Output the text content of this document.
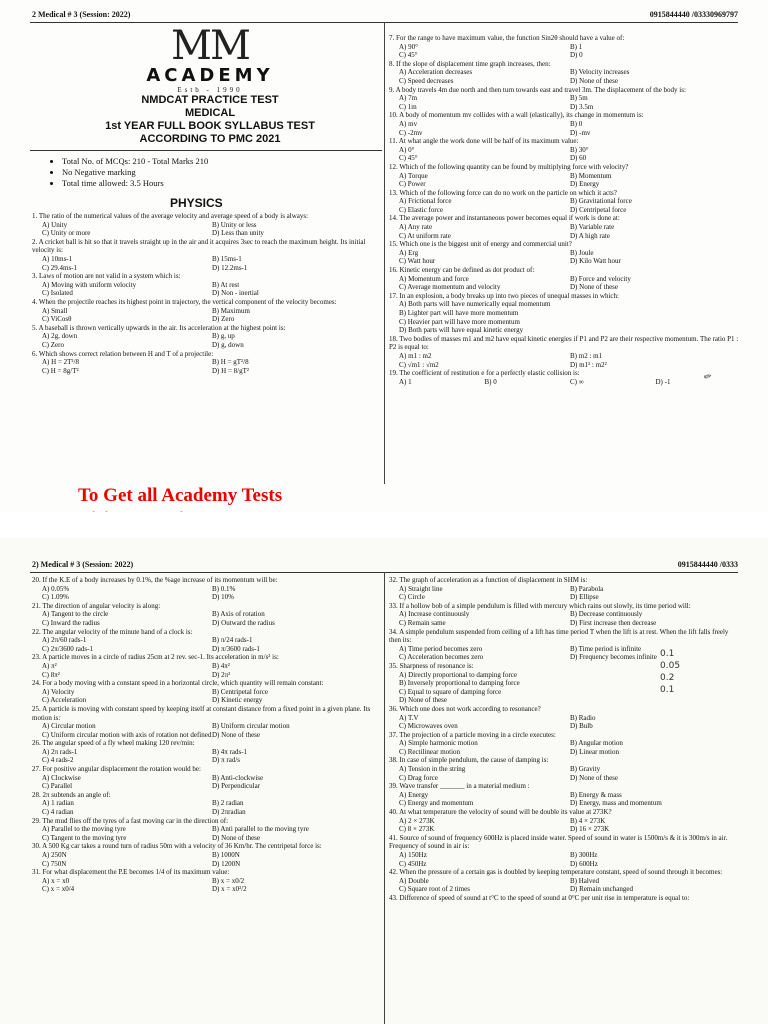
2 Medical # 3 (Session: 2022)	0915844440 /03330969797
MM
ACADEMY
Estb - 1990
NMDCAT PRACTICE TEST
MEDICAL
1st YEAR FULL BOOK SYLLABUS TEST
ACCORDING TO PMC 2021
• Total No. of MCQs: 210 - Total Marks 210
• No Negative marking
• Total time allowed: 3.5 Hours
PHYSICS
1. The ratio of the numerical values of the average velocity and average speed of a body is always:
A) Unity	B) Unity or less
C) Unity or more	D) Less than unity
2. A cricket ball is hit so that it travels straight up in the air and it acquires 3sec to reach the maximum height. Its initial velocity is:
A) 10ms-1	B) 15ms-1
C) 29.4ms-1	D) 12.2ms-1
3. Laws of motion are not valid in a system which is:
A) Moving with uniform velocity	B) At rest
C) Isolated	D) Non - inertial
4. When the projectile reaches its highest point in trajectory, the vertical component of the velocity becomes:
A) Small	B) Maximum
C) ViCosθ	D) Zero
5. A baseball is thrown vertically upwards in the air. Its acceleration at the highest point is:
A) 2g, down	B) g, up
C) Zero	D) g, down
6. Which shows correct relation between H and T of a projectile:
A) H = 2T²/8	B) H = gT²/8
C) H = 8g/T²	D) H = 8/gT²
7. For the range to have maximum value, the function Sin2θ should have a value of:
A) 90°	B) 1
C) 45°	D) 0
8. If the slope of displacement time graph increases, then:
A) Acceleration decreases	B) Velocity increases
C) Speed decreases	D) None of these
9. A body travels 4m due north and then turn towards east and travel 3m. The displacement of the body is:
A) 7m	B) 5m
C) 1m	D) 3.5m
10. A body of momentum mv collides with a wall (elastically), its change in momentum is:
A) mv	B) 0
C) -2mv	D) -mv
11. At what angle the work done will be half of its maximum value:
A) 0°	B) 30°
C) 45°	D) 60
12. Which of the following quantity can be found by multiplying force with velocity?
A) Torque	B) Momentum
C) Power	D) Energy
13. Which of the following force can do no work on the particle on which it acts?
A) Frictional force	B) Gravitational force
C) Elastic force	D) Centripetal force
14. The average power and instantaneous power becomes equal if work is done at:
A) Any rate	B) Variable rate
C) At uniform rate	D) A high rate
15. Which one is the biggest unit of energy and commercial unit?
A) Erg	B) Joule
C) Watt hour	D) Kilo Watt hour
16. Kinetic energy can be defined as dot product of:
A) Momentum and force	B) Force and velocity
C) Average momentum and velocity	D) None of these
17. In an explosion, a body breaks up into two pieces of unequal masses in which:
A) Both parts will have numerically equal momentum
B) Lighter part will have more momentum
C) Heavier part will have more momentum
D) Both parts will have equal kinetic energy
18. Two bodies of masses m1 and m2 have equal kinetic energies if P1 and P2 are their respective momentum. The ratio P1 : P2 is equal to:
A) m1 : m2	B) m2 : m1
C) √m1 : √m2	D) m1² : m2²
19. The coefficient of restitution e for a perfectly elastic collision is:
A) 1	B) 0	C) ∞	D) -1	✎
To Get all Academy Tests
2) Medical # 3 (Session: 2022)	0915844440 /0333
20. If the K.E of a body increases by 0.1%, the %age increase of its momentum will be:
A) 0.05%	B) 0.1%
C) 1.09%	D) 10%
21. The direction of angular velocity is along:
A) Tangent to the circle	B) Axis of rotation
C) Inward the radius	D) Outward the radius
22. The angular velocity of the minute hand of a clock is:
A) 2π/60 rads-1	B) π/24 rads-1
C) 2π/3600 rads-1	D) π/3600 rads-1
23. A particle moves in a circle of radius 25cm at 2 rev. sec-1. Its acceleration in m/s² is:
A) π²	B) 4π²
C) 8π²	D) 2π²
24. For a body moving with a constant speed in a horizontal circle, which quantity will remain constant:
A) Velocity	B) Centripetal force
C) Acceleration	D) Kinetic energy
25. A particle is moving with constant speed by keeping itself at constant distance from a fixed point in a given plane. Its motion is:
A) Circular motion	B) Uniform circular motion
C) Uniform circular motion with axis of rotation not defined D) None of these
26. The angular speed of a fly wheel making 120 rev/min:
A) 2π rads-1	B) 4π rads-1
C) 4 rads-2	D) π rad/s
27. For positive angular displacement the rotation would be:
A) Clockwise	B) Anti-clockwise
C) Parallel	D) Perpendicular
28. 2π subtends an angle of:
A) 1 radian	B) 2 radian
C) 4 radian	D) 2πradian
29. The mud flies off the tyres of a fast moving car in the direction of:
A) Parallel to the moving tyre	B) Anti parallel to the moving tyre
C) Tangent to the moving tyre	D) None of these
30. A 500 Kg car takes a round turn of radius 50m with a velocity of 36 Km/hr. The centripetal force is:
A) 250N	B) 1000N
C) 750N	D) 1200N
31. For what displacement the P.E becomes 1/4 of its maximum value:
A) x = x0	B) x = x0/2
C) x = x0/4	D) x = x0²/2
32. The graph of acceleration as a function of displacement in SHM is:
A) Straight line	B) Parabola
C) Circle	D) Ellipse
33. If a hollow bob of a simple pendulum is filled with mercury which rains out slowly, its time period will:
A) Increase continuously	B) Decrease continuously
C) Remain same	D) First increase then decrease
34. A simple pendulum suspended from ceiling of a lift has time period T when the lift is at rest. When the lift falls freely then its:
A) Time period becomes zero	B) Time period is infinite
C) Acceleration becomes zero	D) Frequency becomes infinite
35. Sharpness of resonance is:
A) Directly proportional to damping force
B) Inversely proportional to damping force
C) Equal to square of damping force
D) None of these
36. Which one does not work according to resonance?
A) T.V	B) Radio
C) Microwaves oven	D) Bulb
37. The projection of a particle moving in a circle executes:
A) Simple harmonic motion	B) Angular motion
C) Rectilinear motion	D) Linear motion
38. In case of simple pendulum, the cause of damping is:
A) Tension in the string	B) Gravity
C) Drag force	D) None of these
39. Wave transfer _______ in a material medium :
A) Energy	B) Energy & mass
C) Energy and momentum	D) Energy, mass and momentum
40. At what temperature the velocity of sound will be double its value at 273K?
A) 2 × 273K	B) 4 × 273K
C) 8 × 273K	D) 16 × 273K
41. Source of sound of frequency 600Hz is placed inside water. Speed of sound in water is 1500m/s & it is 300m/s in air. Frequency of sound in air is:
A) 150Hz	B) 300Hz
C) 450Hz	D) 600Hz
42. When the pressure of a certain gas is doubled by keeping temperature constant, speed of sound through it becomes:
A) Double	B) Halved
C) Square root of 2 times	D) Remain unchanged
43. Difference of speed of sound at t°C to the speed of sound at 0°C per unit rise in temperature is equal to:
0.1
0.05
0.2
0.1
